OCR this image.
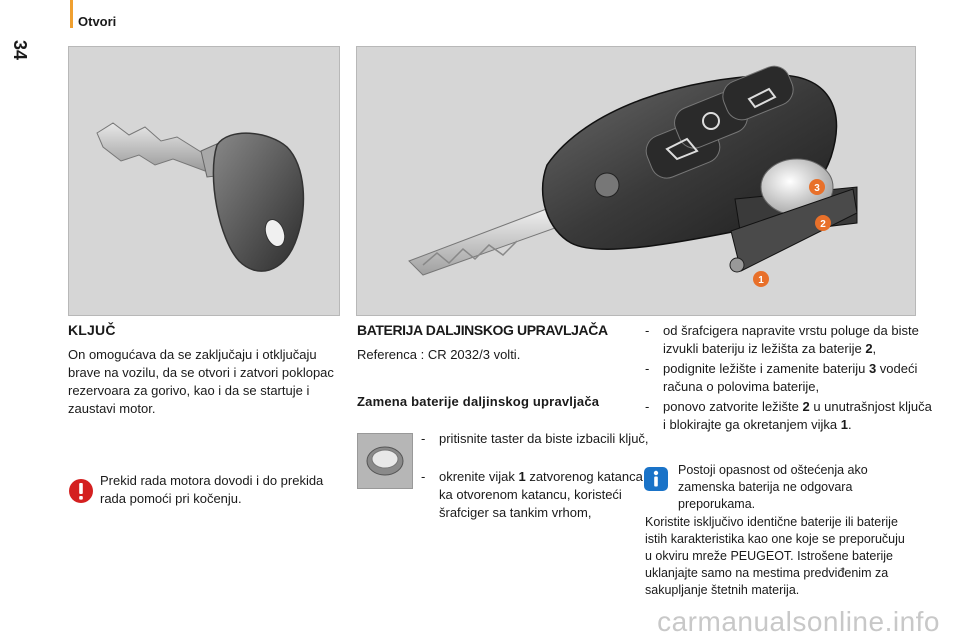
34
Otvori
1
2
3
KLJUČ
On omogućava da se zaključaju i otključaju brave na vozilu, da se otvori i zatvori poklopac rezervoara za gorivo, kao i da se startuje i zaustavi motor.
Prekid rada motora dovodi i do prekida rada pomoći pri kočenju.
BATERIJA DALJINSKOG UPRAVLJAČA
Referenca : CR 2032/3 volti.
Zamena baterije daljinskog upravljača
- pritisnite taster da biste izbacili ključ,
- okrenite vijak 1 zatvorenog katanca ka otvorenom katancu, koristeći šrafciger sa tankim vrhom,
- od šrafcigera napravite vrstu poluge da biste izvukli bateriju iz ležišta za baterije 2,
- podignite ležište i zamenite bateriju 3 vodeći računa o polovima baterije,
- ponovo zatvorite ležište 2 u unutrašnjost ključa i blokirajte ga okretanjem vijka 1.
Postoji opasnost od oštećenja ako zamenska baterija ne odgovara preporukama.
Koristite isključivo identične baterije ili baterije istih karakteristika kao one koje se preporučuju u okviru mreže PEUGEOT. Istrošene baterije uklanjajte samo na mestima predviđenim za sakupljanje štetnih materija.
carmanualsonline.info
